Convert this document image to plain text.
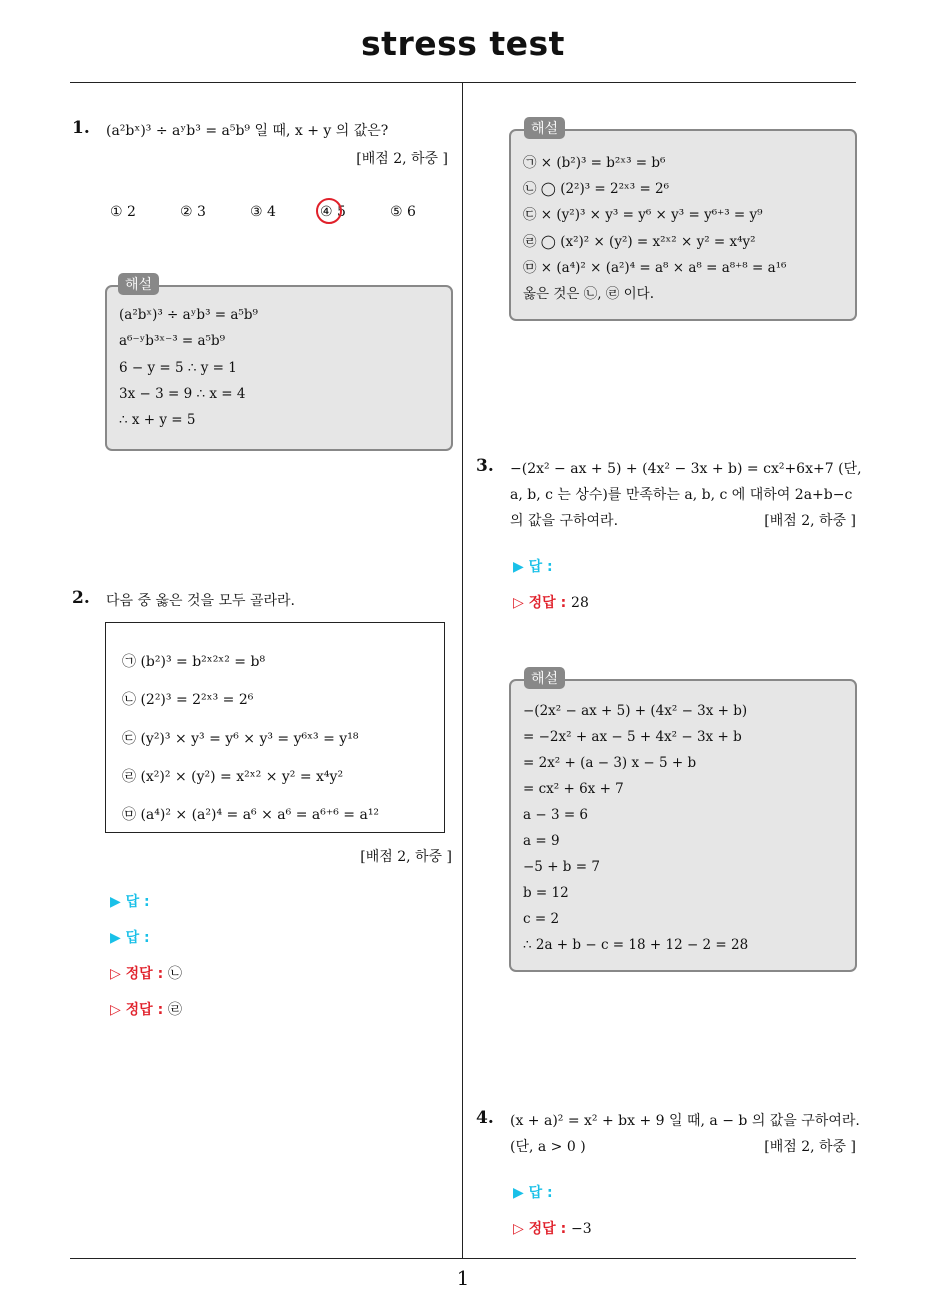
stress test
1
1. (a²bˣ)³ ÷ aʸb³ = a⁵b⁹ 일 때, x + y 의 값은?
[배점 2, 하중 ]
① 2	② 3	③ 4	④ 5	⑤ 6
(a²bˣ)³ ÷ aʸb³ = a⁵b⁹
a⁶⁻ʸb³ˣ⁻³ = a⁵b⁹
6 − y = 5 ∴ y = 1
3x − 3 = 9 ∴ x = 4
∴ x + y = 5
해설
2. 다음 중 옳은 것을 모두 골라라.
㉠ (b²)³ = b²ˣ²ˣ² = b⁸
㉡ (2²)³ = 2²ˣ³ = 2⁶
㉢ (y²)³ × y³ = y⁶ × y³ = y⁶ˣ³ = y¹⁸
㉣ (x²)² × (y²) = x²ˣ² × y² = x⁴y²
㉤ (a⁴)² × (a²)⁴ = a⁶ × a⁶ = a⁶⁺⁶ = a¹²
[배점 2, 하중 ]
▶ 답 :
▶ 답 :
▷ 정답 : ㉡
▷ 정답 : ㉣
㉠ × (b²)³ = b²ˣ³ = b⁶
㉡ ◯ (2²)³ = 2²ˣ³ = 2⁶
㉢ × (y²)³ × y³ = y⁶ × y³ = y⁶⁺³ = y⁹
㉣ ◯ (x²)² × (y²) = x²ˣ² × y² = x⁴y²
㉤ × (a⁴)² × (a²)⁴ = a⁸ × a⁸ = a⁸⁺⁸ = a¹⁶
옳은 것은 ㉡, ㉣ 이다.
해설
3. −(2x² − ax + 5) + (4x² − 3x + b) = cx²+6x+7 (단,
a, b, c 는 상수)를 만족하는 a, b, c 에 대하여 2a+b−c
의 값을 구하여라.	[배점 2, 하중 ]
▶ 답 :
▷ 정답 : 28
−(2x² − ax + 5) + (4x² − 3x + b)
= −2x² + ax − 5 + 4x² − 3x + b
= 2x² + (a − 3) x − 5 + b
= cx² + 6x + 7
a − 3 = 6
a = 9
−5 + b = 7
b = 12
c = 2
∴ 2a + b − c = 18 + 12 − 2 = 28
해설
4. (x + a)² = x² + bx + 9 일 때, a − b 의 값을 구하여라.
(단, a > 0 )	[배점 2, 하중 ]
▶ 답 :
▷ 정답 : −3
